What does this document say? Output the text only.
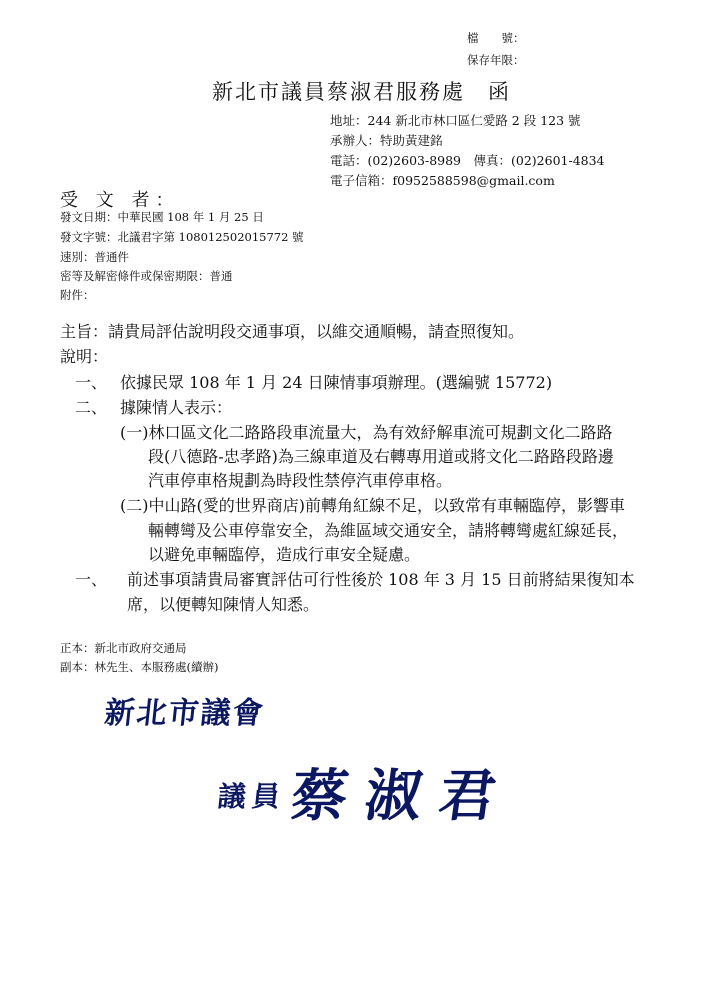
檔　　號：
保存年限：
新北市議員蔡淑君服務處　函
地址：244 新北市林口區仁愛路 2 段 123 號
承辦人：特助黃建銘
電話：(02)2603-8989　傳真：(02)2601-4834
電子信箱：f0952588598@gmail.com
受 文 者：
發文日期：中華民國 108 年 1 月 25 日
發文字號：北議君字第 108012502015772 號
速別：普通件
密等及解密條件或保密期限：普通
附件：
主旨：請貴局評估說明段交通事項，以維交通順暢，請查照復知。
說明：
一、 依據民眾 108 年 1 月 24 日陳情事項辦理。(選編號 15772)
二、 據陳情人表示：
(一)林口區文化二路路段車流量大，為有效紓解車流可規劃文化二路路
段(八德路-忠孝路)為三線車道及右轉專用道或將文化二路路段路邊
汽車停車格規劃為時段性禁停汽車停車格。
(二)中山路(愛的世界商店)前轉角紅線不足，以致常有車輛臨停，影響車
輛轉彎及公車停靠安全，為維區域交通安全，請將轉彎處紅線延長，
以避免車輛臨停，造成行車安全疑慮。
一、 前述事項請貴局審實評估可行性後於 108 年 3 月 15 日前將結果復知本
席，以便轉知陳情人知悉。
正本：新北市政府交通局
副本：林先生、本服務處(續辦)
新北市議會
議員 蔡淑君
